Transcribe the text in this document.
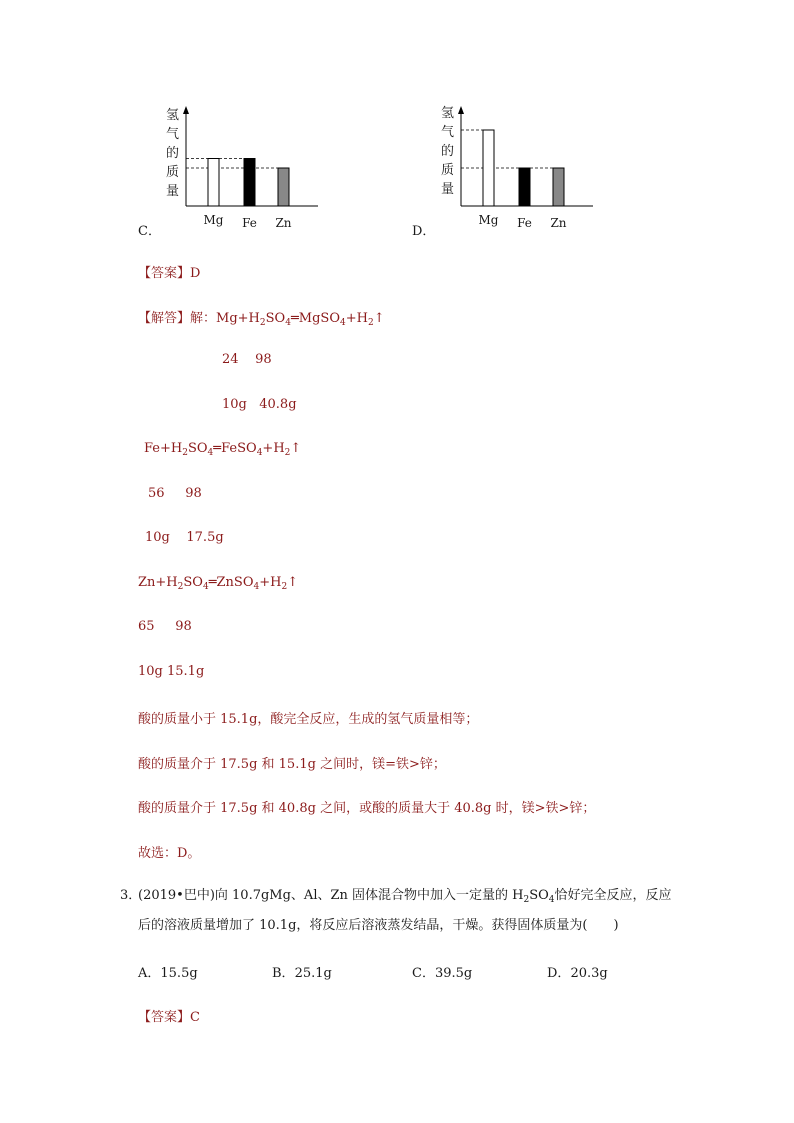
氢
气
的
质
量
Mg Fe Zn
C．
氢
气
的
质
量
Mg Fe Zn
D．
【答案】D
【解答】解：$Mg+H_2SO_4═MgSO_4+H_2↑$
24    98
10g   40.8g
$Fe+H_2SO_4═FeSO_4+H_2↑$
56     98
10g    17.5g
$Zn+H_2SO_4═ZnSO_4+H_2↑$
65     98
10g 15.1g
酸的质量小于 15.1g，酸完全反应，生成的氢气质量相等；
酸的质量介于 17.5g 和 15.1g 之间时，镁=铁>锌；
酸的质量介于 17.5g 和 40.8g 之间，或酸的质量大于 40.8g 时，镁>铁>锌；
故选：D。
3．
(2019•巴中)向 10.7gMg、Al、Zn 固体混合物中加入一定量的 $H_2SO_4$恰好完全反应，反应
后的溶液质量增加了 10.1g，将反应后溶液蒸发结晶，干燥。获得固体质量为(　　)
A．15.5g	B．25.1g	C．39.5g	D．20.3g
【答案】C
